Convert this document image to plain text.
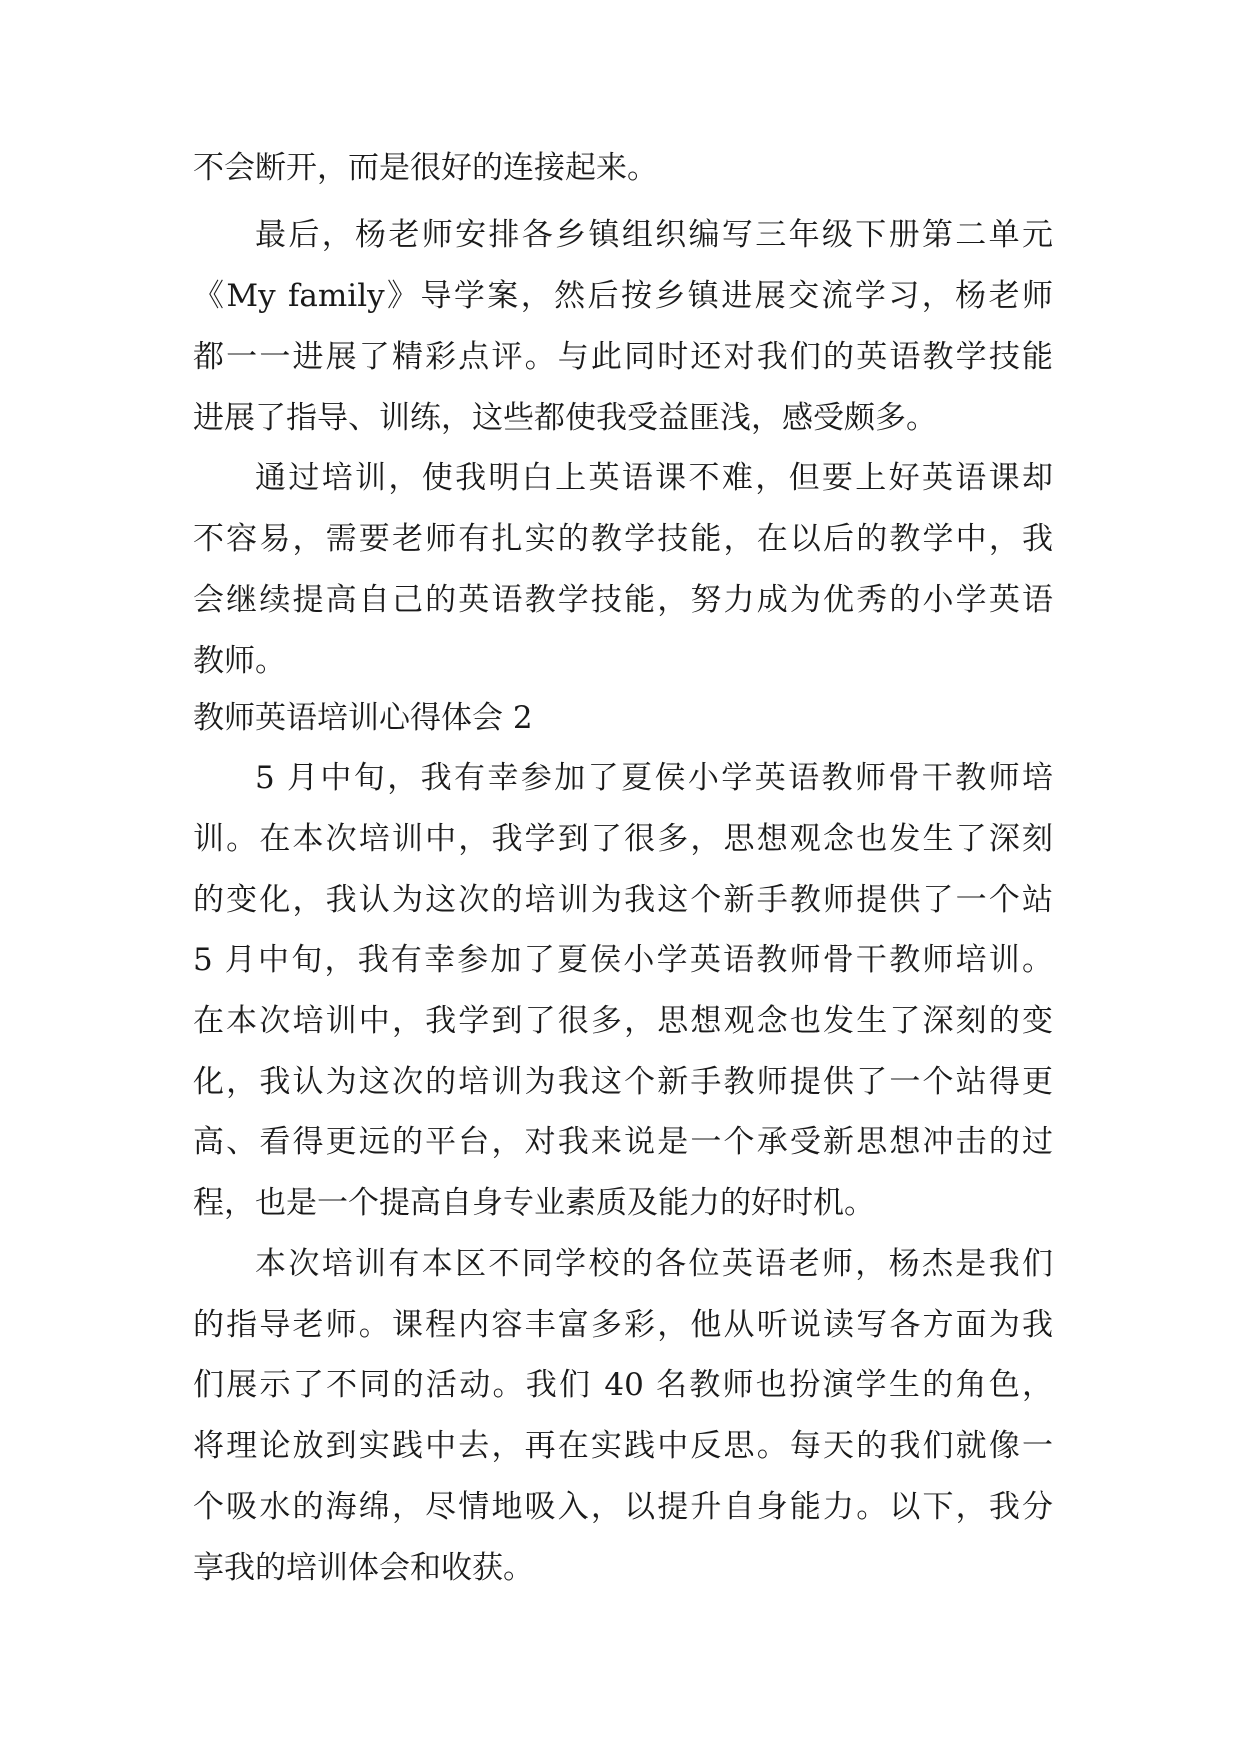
不会断开，而是很好的连接起来。
最后，杨老师安排各乡镇组织编写三年级下册第二单元
《My family》导学案，然后按乡镇进展交流学习，杨老师
都一一进展了精彩点评。与此同时还对我们的英语教学技能
进展了指导、训练，这些都使我受益匪浅，感受颇多。
通过培训，使我明白上英语课不难，但要上好英语课却
不容易，需要老师有扎实的教学技能，在以后的教学中，我
会继续提高自己的英语教学技能，努力成为优秀的小学英语
教师。
教师英语培训心得体会 2
5 月中旬，我有幸参加了夏侯小学英语教师骨干教师培
训。在本次培训中，我学到了很多，思想观念也发生了深刻
的变化，我认为这次的培训为我这个新手教师提供了一个站
5 月中旬，我有幸参加了夏侯小学英语教师骨干教师培训。
在本次培训中，我学到了很多，思想观念也发生了深刻的变
化，我认为这次的培训为我这个新手教师提供了一个站得更
高、看得更远的平台，对我来说是一个承受新思想冲击的过
程，也是一个提高自身专业素质及能力的好时机。
本次培训有本区不同学校的各位英语老师，杨杰是我们
的指导老师。课程内容丰富多彩，他从听说读写各方面为我
们展示了不同的活动。我们 40 名教师也扮演学生的角色，
将理论放到实践中去，再在实践中反思。每天的我们就像一
个吸水的海绵，尽情地吸入，以提升自身能力。以下，我分
享我的培训体会和收获。
